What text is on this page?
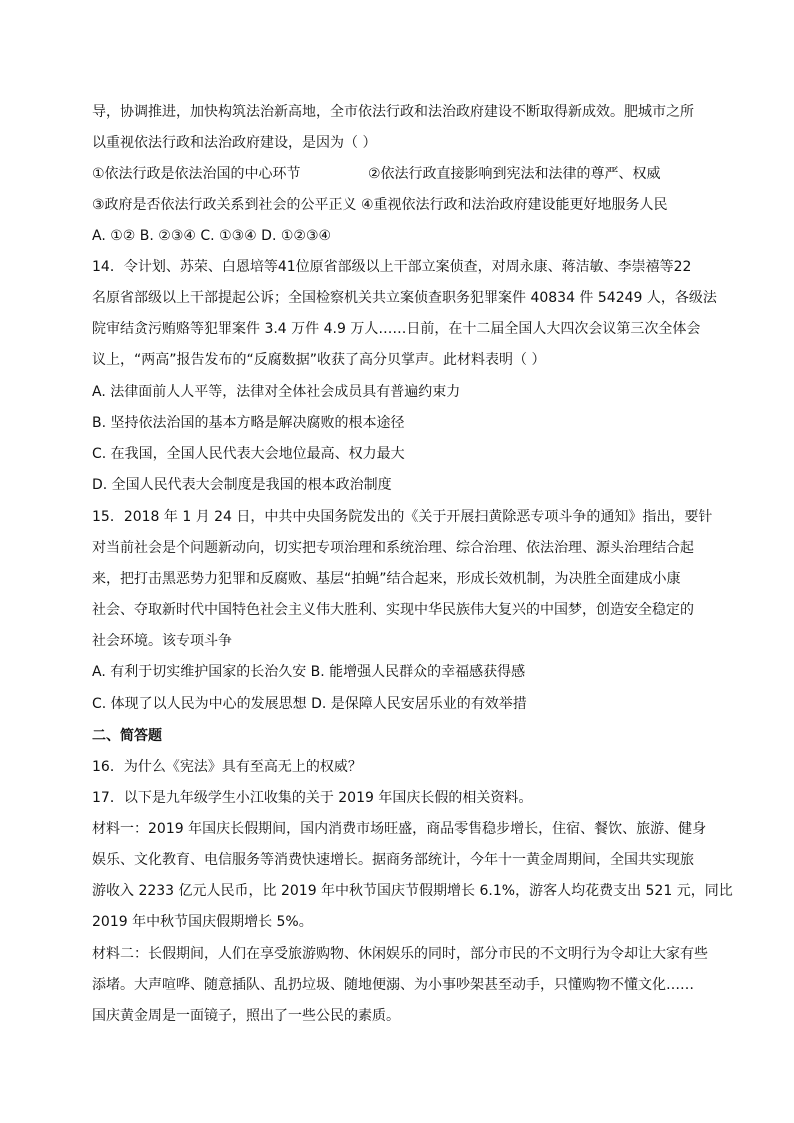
导，协调推进，加快构筑法治新高地，全市依法行政和法治政府建设不断取得新成效。肥城市之所
以重视依法行政和法治政府建设，是因为（ ）
①依法行政是依法治国的中心环节	②依法行政直接影响到宪法和法律的尊严、权威
③政府是否依法行政关系到社会的公平正义 ④重视依法行政和法治政府建设能更好地服务人民
A. ①② B. ②③④ C. ①③④ D. ①②③④
14．令计划、苏荣、白恩培等41位原省部级以上干部立案侦查，对周永康、蒋洁敏、李崇禧等22
名原省部级以上干部提起公诉；全国检察机关共立案侦查职务犯罪案件 40834 件 54249 人，各级法
院审结贪污贿赂等犯罪案件 3.4 万件 4.9 万人……日前，在十二届全国人大四次会议第三次全体会
议上，“两高”报告发布的“反腐数据”收获了高分贝掌声。此材料表明（ ）
A. 法律面前人人平等，法律对全体社会成员具有普遍约束力
B. 坚持依法治国的基本方略是解决腐败的根本途径
C. 在我国，全国人民代表大会地位最高、权力最大
D. 全国人民代表大会制度是我国的根本政治制度
15．2018 年 1 月 24 日，中共中央国务院发出的《关于开展扫黄除恶专项斗争的通知》指出，要针
对当前社会是个问题新动向，切实把专项治理和系统治理、综合治理、依法治理、源头治理结合起
来，把打击黑恶势力犯罪和反腐败、基层“拍蝇”结合起来，形成长效机制，为决胜全面建成小康
社会、夺取新时代中国特色社会主义伟大胜利、实现中华民族伟大复兴的中国梦，创造安全稳定的
社会环境。该专项斗争
A. 有利于切实维护国家的长治久安 B. 能增强人民群众的幸福感获得感
C. 体现了以人民为中心的发展思想 D. 是保障人民安居乐业的有效举措
二、简答题
16．为什么《宪法》具有至高无上的权威？
17．以下是九年级学生小江收集的关于 2019 年国庆长假的相关资料。
材料一：2019 年国庆长假期间，国内消费市场旺盛，商品零售稳步增长，住宿、餐饮、旅游、健身
娱乐、文化教育、电信服务等消费快速增长。据商务部统计，今年十一黄金周期间，全国共实现旅
游收入 2233 亿元人民币，比 2019 年中秋节国庆节假期增长 6.1%，游客人均花费支出 521 元，同比
2019 年中秋节国庆假期增长 5%。
材料二：长假期间，人们在享受旅游购物、休闲娱乐的同时，部分市民的不文明行为令却让大家有些
添堵。大声喧哗、随意插队、乱扔垃圾、随地便溺、为小事吵架甚至动手，只懂购物不懂文化……
国庆黄金周是一面镜子，照出了一些公民的素质。
